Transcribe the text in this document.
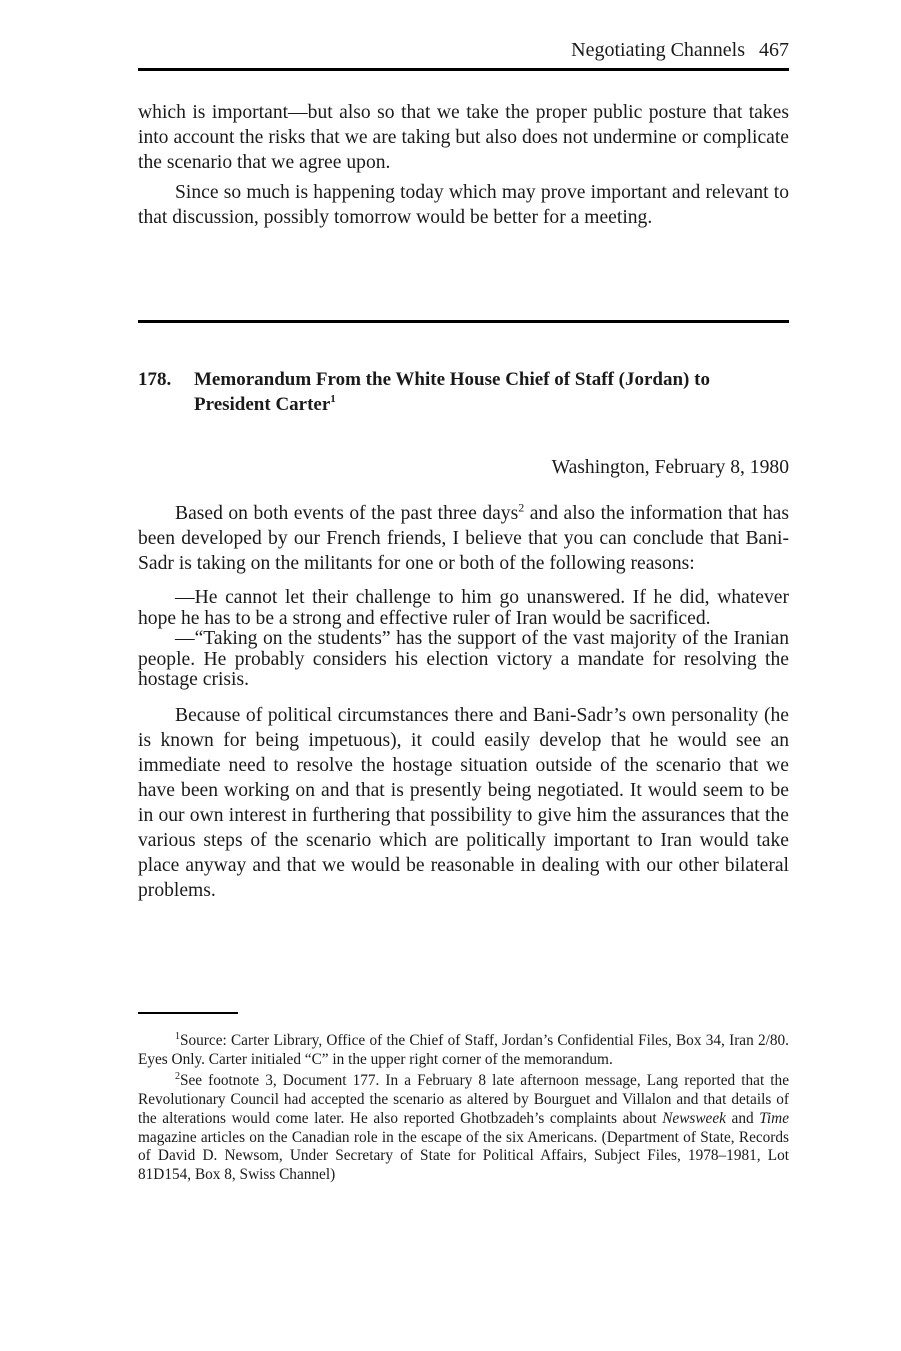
Negotiating Channels 467

which is important—but also so that we take the proper public posture that takes into account the risks that we are taking but also does not undermine or complicate the scenario that we agree upon.

Since so much is happening today which may prove important and relevant to that discussion, possibly tomorrow would be better for a meeting.

178. Memorandum From the White House Chief of Staff (Jordan) to President Carter$^1$
Washington, February 8, 1980

Based on both events of the past three days$^2$ and also the information that has been developed by our French friends, I believe that you can conclude that Bani-Sadr is taking on the militants for one or both of the following reasons:

—He cannot let their challenge to him go unanswered. If he did, whatever hope he has to be a strong and effective ruler of Iran would be sacrificed.

—“Taking on the students” has the support of the vast majority of the Iranian people. He probably considers his election victory a mandate for resolving the hostage crisis.

Because of political circumstances there and Bani-Sadr’s own personality (he is known for being impetuous), it could easily develop that he would see an immediate need to resolve the hostage situation outside of the scenario that we have been working on and that is presently being negotiated. It would seem to be in our own interest in furthering that possibility to give him the assurances that the various steps of the scenario which are politically important to Iran would take place anyway and that we would be reasonable in dealing with our other bilateral problems.

$^1$Source: Carter Library, Office of the Chief of Staff, Jordan’s Confidential Files, Box 34, Iran 2/80. Eyes Only. Carter initialed “C” in the upper right corner of the memorandum.

$^2$See footnote 3, Document 177. In a February 8 late afternoon message, Lang reported that the Revolutionary Council had accepted the scenario as altered by Bourguet and Villalon and that details of the alterations would come later. He also reported Ghotbzadeh’s complaints about Newsweek and Time magazine articles on the Canadian role in the escape of the six Americans. (Department of State, Records of David D. Newsom, Under Secretary of State for Political Affairs, Subject Files, 1978–1981, Lot 81D154, Box 8, Swiss Channel)
